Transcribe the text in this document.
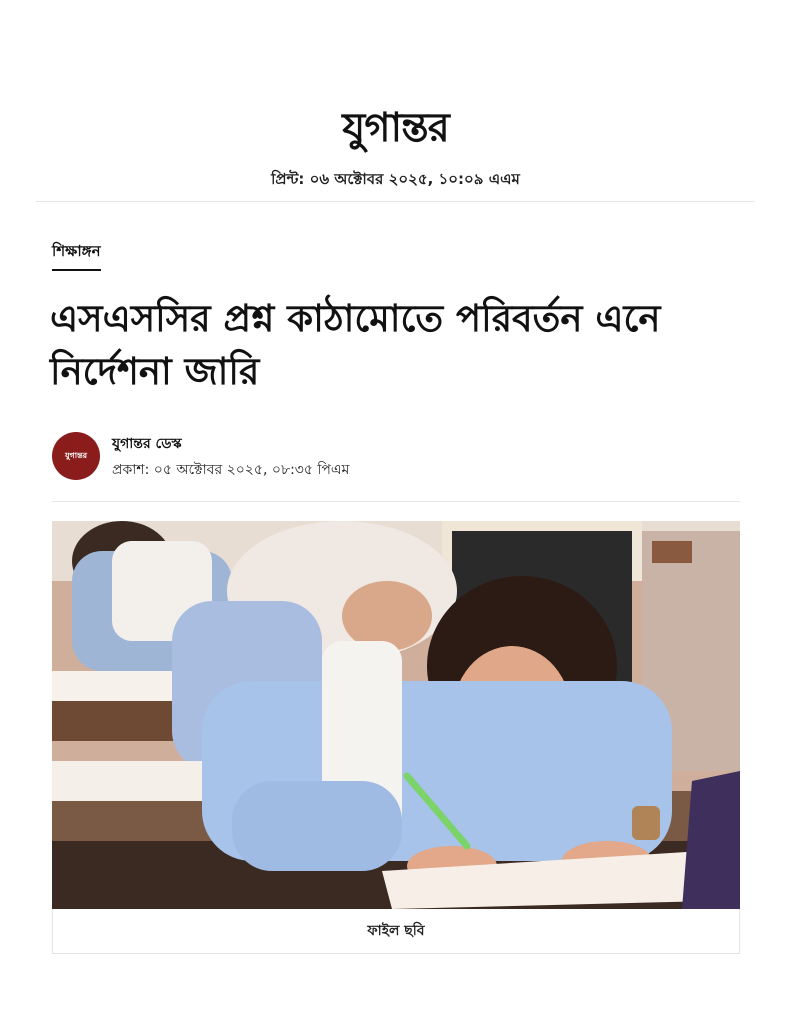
যুগান্তর
প্রিন্ট: ০৬ অক্টোবর ২০২৫, ১০:০৯ এএম
শিক্ষাঙ্গন
এসএসসির প্রশ্ন কাঠামোতে পরিবর্তন এনে নির্দেশনা জারি
যুগান্তর
যুগান্তর ডেস্ক
প্রকাশ: ০৫ অক্টোবর ২০২৫, ০৮:৩৫ পিএম
ফাইল ছবি
